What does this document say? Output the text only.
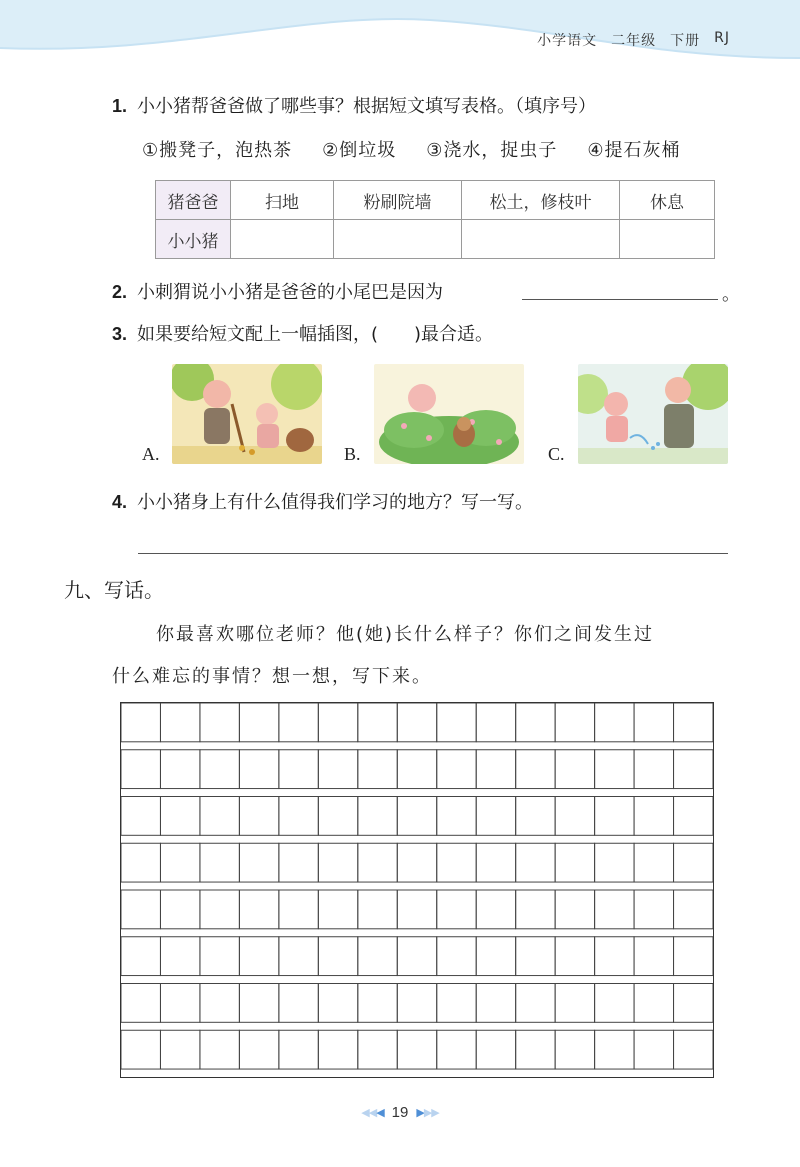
小学语文 二年级 下册 RJ
1. 小小猪帮爸爸做了哪些事？根据短文填写表格。（填序号）
①搬凳子，泡热茶 ②倒垃圾 ③浇水，捉虫子 ④提石灰桶
猪爸爸	扫地	粉刷院墙	松土，修枝叶	休息
小小猪				
2. 小刺猬说小小猪是爸爸的小尾巴是因为	。
3. 如果要给短文配上一幅插图，(　　)最合适。
A.	B.	C.
4. 小小猪身上有什么值得我们学习的地方？写一写。
九、写话。
你最喜欢哪位老师？他(她)长什么样子？你们之间发生过
什么难忘的事情？想一想，写下来。
◀◀◀ 19 ▶▶▶
